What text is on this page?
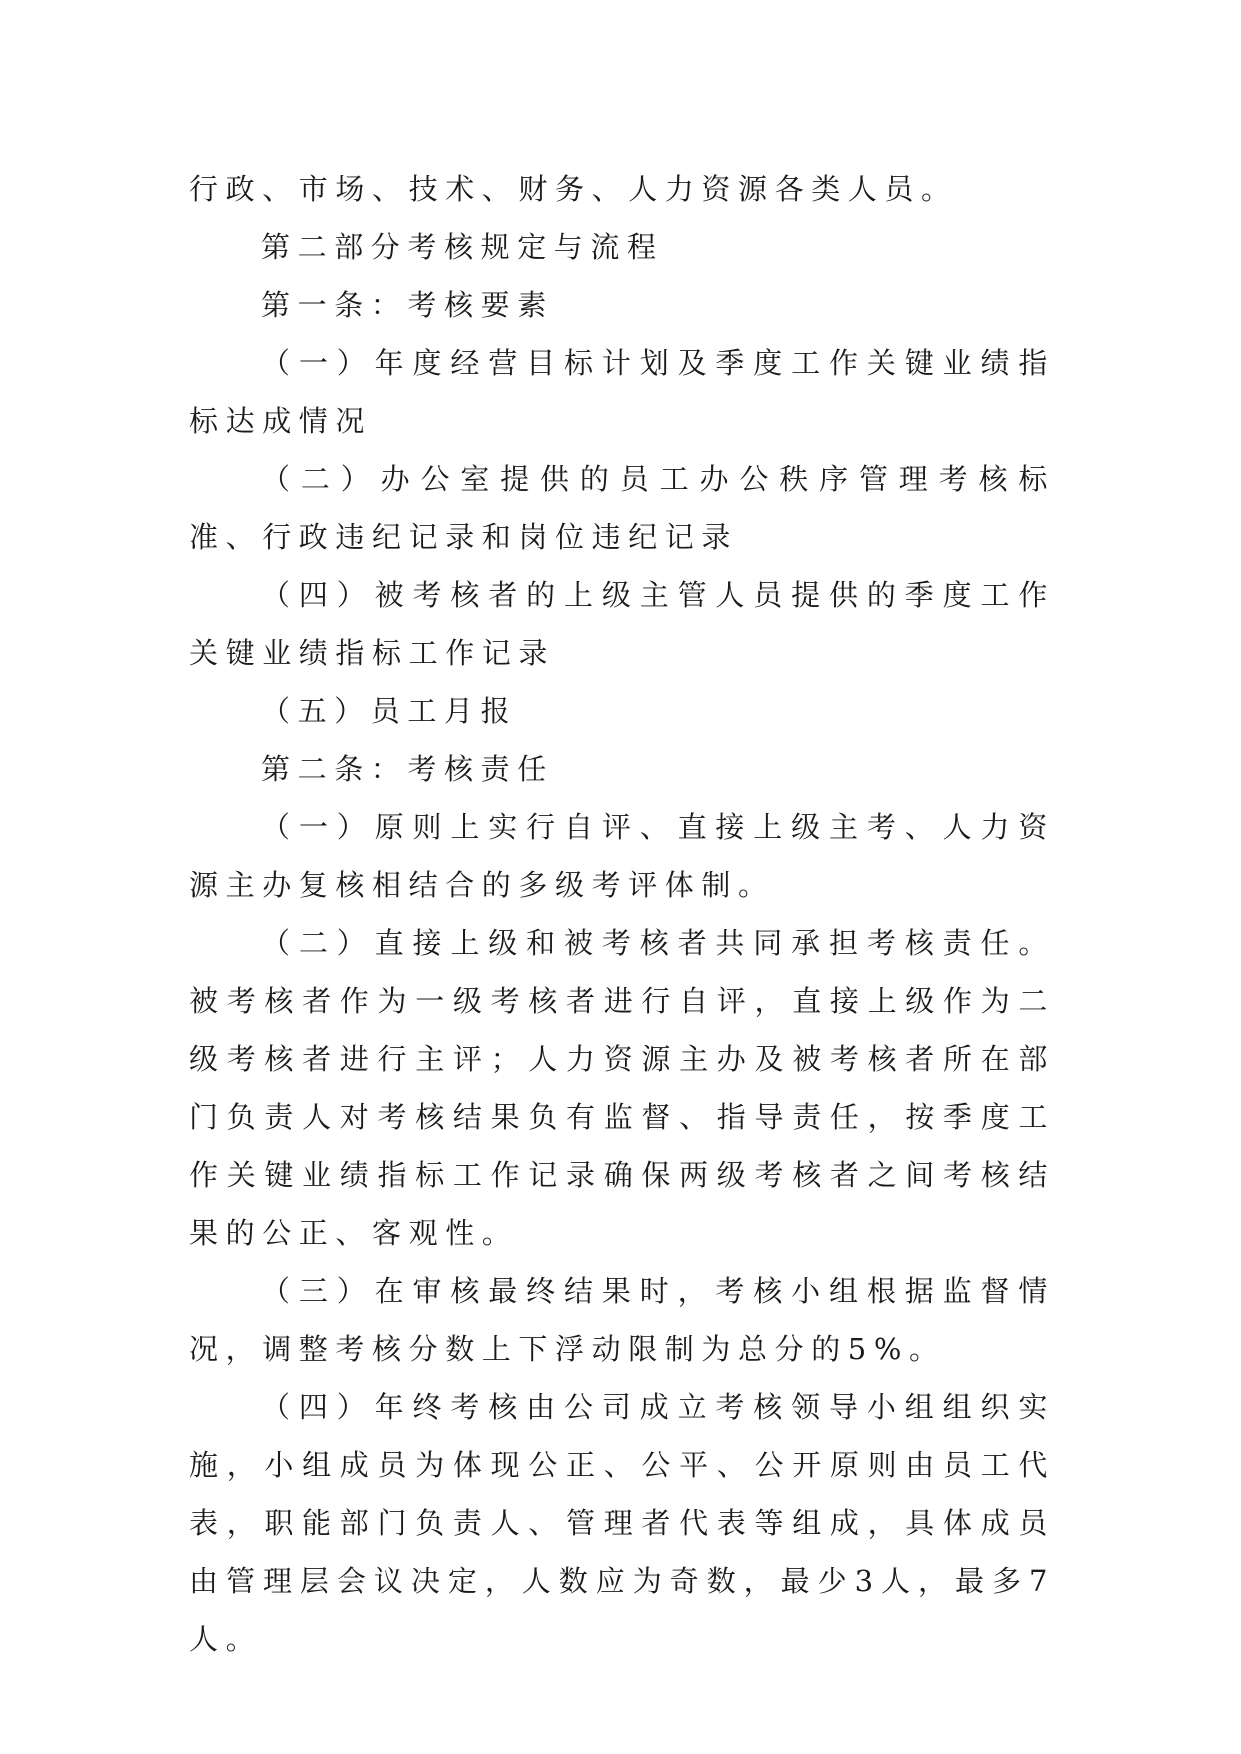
行政、市场、技术、财务、人力资源各类人员。

第二部分考核规定与流程

第一条：考核要素

（一）年度经营目标计划及季度工作关键业绩指标达成情况

（二）办公室提供的员工办公秩序管理考核标准、行政违纪记录和岗位违纪记录

（四）被考核者的上级主管人员提供的季度工作关键业绩指标工作记录

（五）员工月报

第二条：考核责任

（一）原则上实行自评、直接上级主考、人力资源主办复核相结合的多级考评体制。

（二）直接上级和被考核者共同承担考核责任。被考核者作为一级考核者进行自评，直接上级作为二级考核者进行主评；人力资源主办及被考核者所在部门负责人对考核结果负有监督、指导责任，按季度工作关键业绩指标工作记录确保两级考核者之间考核结果的公正、客观性。

（三）在审核最终结果时，考核小组根据监督情况，调整考核分数上下浮动限制为总分的5%。

（四）年终考核由公司成立考核领导小组组织实施，小组成员为体现公正、公平、公开原则由员工代表，职能部门负责人、管理者代表等组成，具体成员由管理层会议决定，人数应为奇数，最少3人，最多7人。
